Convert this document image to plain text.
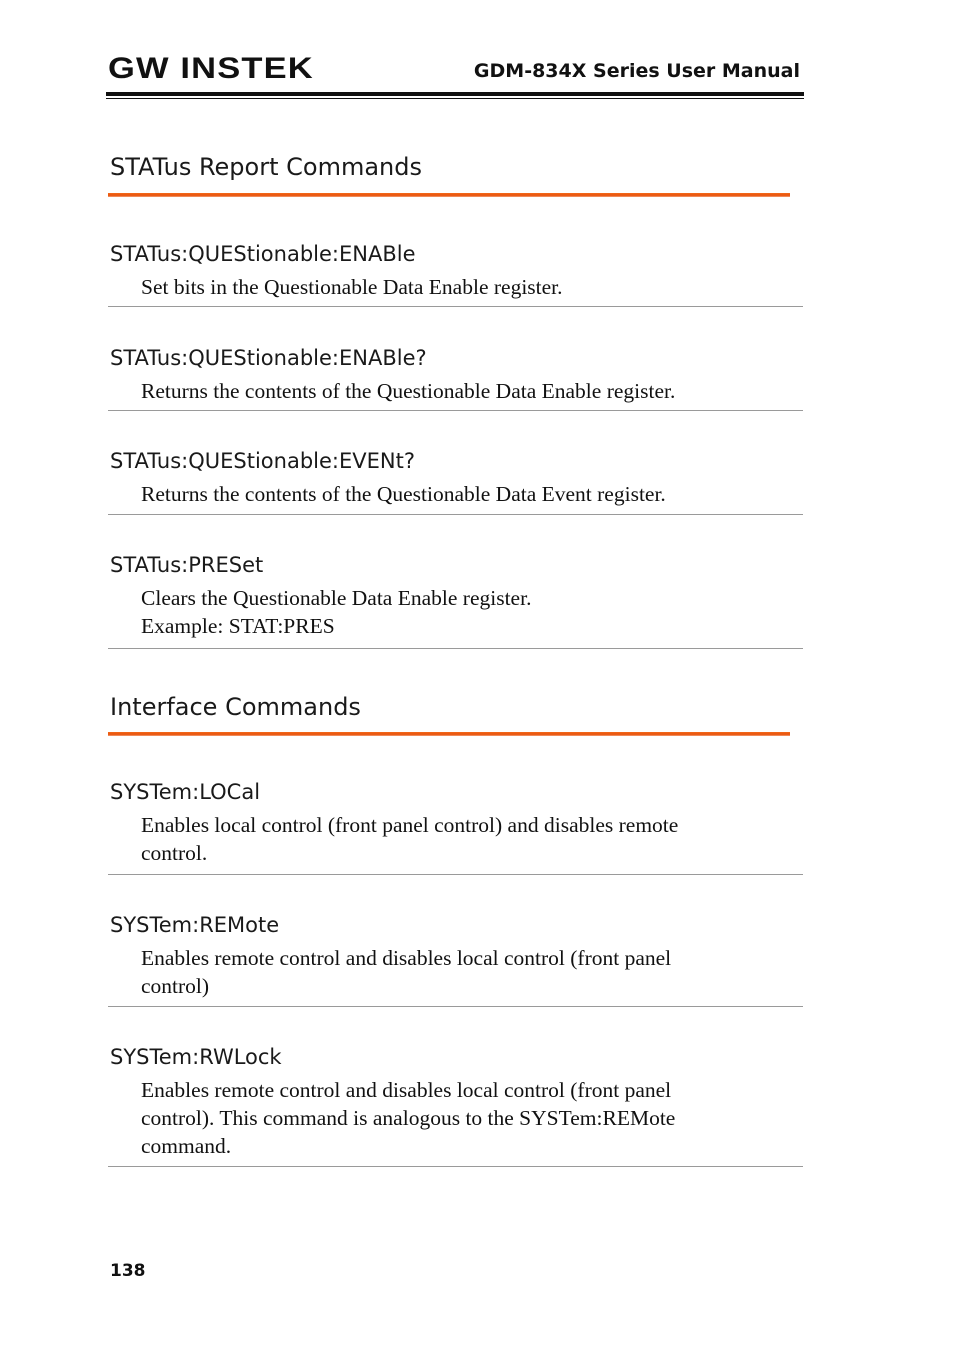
GW INSTEK	GDM-834X Series User Manual
STATus Report Commands
STATus:QUEStionable:ENABle
Set bits in the Questionable Data Enable register.
STATus:QUEStionable:ENABle?
Returns the contents of the Questionable Data Enable register.
STATus:QUEStionable:EVENt?
Returns the contents of the Questionable Data Event register.
STATus:PRESet
Clears the Questionable Data Enable register.
Example: STAT:PRES
Interface Commands
SYSTem:LOCal
Enables local control (front panel control) and disables remote
control.
SYSTem:REMote
Enables remote control and disables local control (front panel
control)
SYSTem:RWLock
Enables remote control and disables local control (front panel
control). This command is analogous to the SYSTem:REMote
command.
138
